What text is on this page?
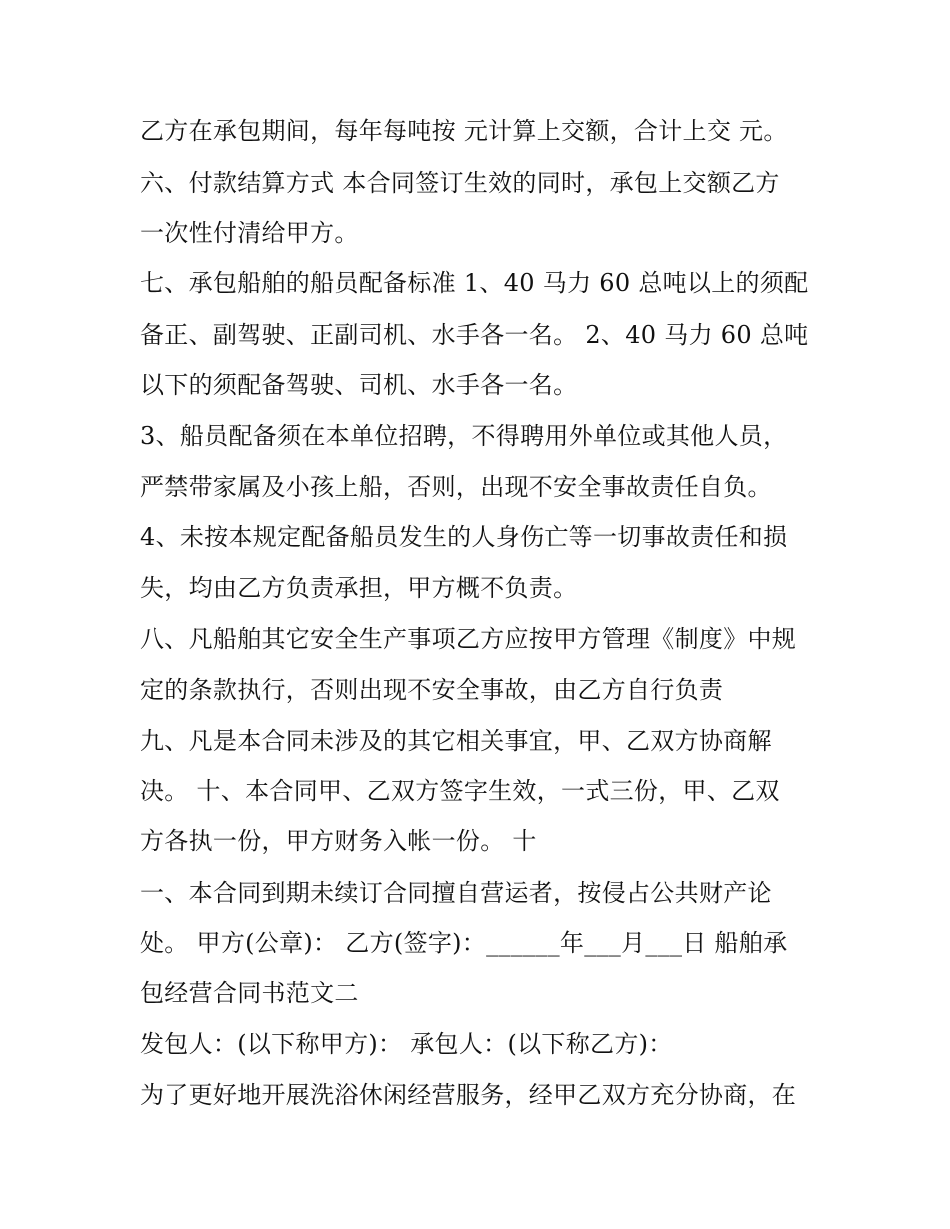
乙方在承包期间，每年每吨按 元计算上交额，合计上交 元。
六、付款结算方式 本合同签订生效的同时，承包上交额乙方
一次性付清给甲方。
七、承包船舶的船员配备标准 1、40 马力 60 总吨以上的须配
备正、副驾驶、正副司机、水手各一名。 2、40 马力 60 总吨
以下的须配备驾驶、司机、水手各一名。
3、船员配备须在本单位招聘，不得聘用外单位或其他人员，
严禁带家属及小孩上船，否则，出现不安全事故责任自负。
4、未按本规定配备船员发生的人身伤亡等一切事故责任和损
失，均由乙方负责承担，甲方概不负责。
八、凡船舶其它安全生产事项乙方应按甲方管理《制度》中规
定的条款执行，否则出现不安全事故，由乙方自行负责
九、凡是本合同未涉及的其它相关事宜，甲、乙双方协商解
决。 十、本合同甲、乙双方签字生效，一式三份，甲、乙双
方各执一份，甲方财务入帐一份。 十
一、本合同到期未续订合同擅自营运者，按侵占公共财产论
处。 甲方(公章)： 乙方(签字)：______年___月___日 船舶承
包经营合同书范文二
发包人：(以下称甲方)： 承包人：(以下称乙方)：
为了更好地开展洗浴休闲经营服务，经甲乙双方充分协商，在
